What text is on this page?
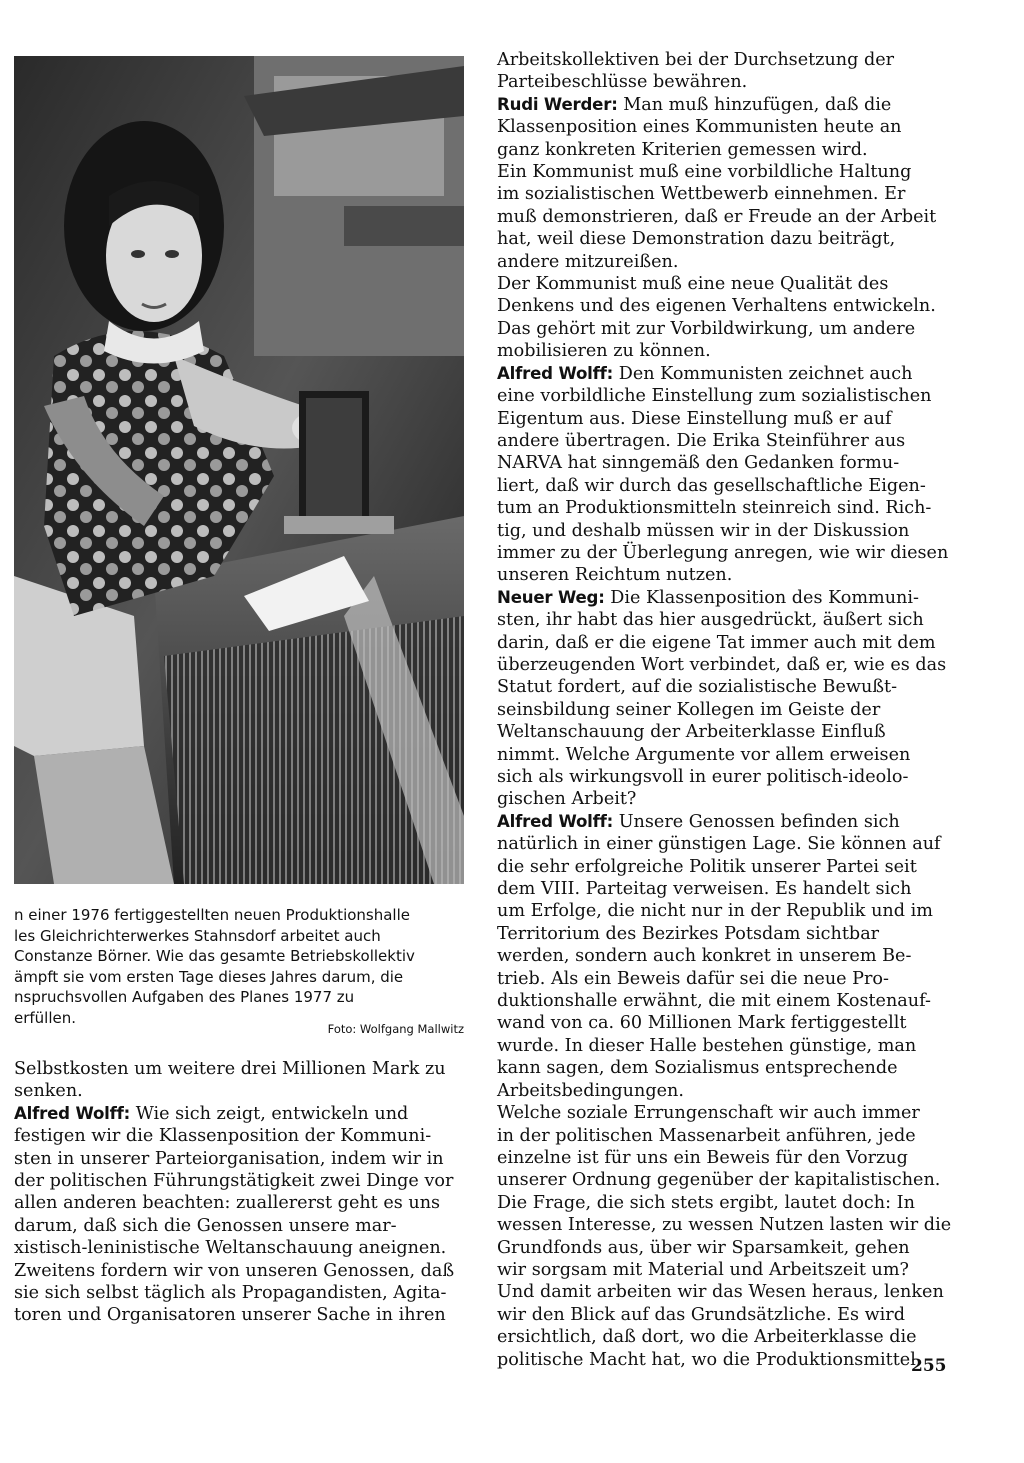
n einer 1976 fertiggestellten neuen Produktionshalle
les Gleichrichterwerkes Stahnsdorf arbeitet auch
Constanze Börner. Wie das gesamte Betriebskollektiv
ämpft sie vom ersten Tage dieses Jahres darum, die
nspruchsvollen Aufgaben des Planes 1977 zu
erfüllen.
Foto: Wolfgang Mallwitz

Selbstkosten um weitere drei Millionen Mark zu
senken.

Alfred Wolff: Wie sich zeigt, entwickeln und
festigen wir die Klassenposition der Kommuni-
sten in unserer Parteiorganisation, indem wir in
der politischen Führungstätigkeit zwei Dinge vor
allen anderen beachten: zuallererst geht es uns
darum, daß sich die Genossen unsere mar-
xistisch-leninistische Weltanschauung aneignen.
Zweitens fordern wir von unseren Genossen, daß
sie sich selbst täglich als Propagandisten, Agita-
toren und Organisatoren unserer Sache in ihren

Arbeitskollektiven bei der Durchsetzung der
Parteibeschlüsse bewähren.

Rudi Werder: Man muß hinzufügen, daß die
Klassenposition eines Kommunisten heute an
ganz konkreten Kriterien gemessen wird.

Ein Kommunist muß eine vorbildliche Haltung
im sozialistischen Wettbewerb einnehmen. Er
muß demonstrieren, daß er Freude an der Arbeit
hat, weil diese Demonstration dazu beiträgt,
andere mitzureißen.

Der Kommunist muß eine neue Qualität des
Denkens und des eigenen Verhaltens entwickeln.
Das gehört mit zur Vorbildwirkung, um andere
mobilisieren zu können.

Alfred Wolff: Den Kommunisten zeichnet auch
eine vorbildliche Einstellung zum sozialistischen
Eigentum aus. Diese Einstellung muß er auf
andere übertragen. Die Erika Steinführer aus
NARVA hat sinngemäß den Gedanken formu-
liert, daß wir durch das gesellschaftliche Eigen-
tum an Produktionsmitteln steinreich sind. Rich-
tig, und deshalb müssen wir in der Diskussion
immer zu der Überlegung anregen, wie wir diesen
unseren Reichtum nutzen.

Neuer Weg: Die Klassenposition des Kommuni-
sten, ihr habt das hier ausgedrückt, äußert sich
darin, daß er die eigene Tat immer auch mit dem
überzeugenden Wort verbindet, daß er, wie es das
Statut fordert, auf die sozialistische Bewußt-
seinsbildung seiner Kollegen im Geiste der
Weltanschauung der Arbeiterklasse Einfluß
nimmt. Welche Argumente vor allem erweisen
sich als wirkungsvoll in eurer politisch-ideolo-
gischen Arbeit?

Alfred Wolff: Unsere Genossen befinden sich
natürlich in einer günstigen Lage. Sie können auf
die sehr erfolgreiche Politik unserer Partei seit
dem VIII. Parteitag verweisen. Es handelt sich
um Erfolge, die nicht nur in der Republik und im
Territorium des Bezirkes Potsdam sichtbar
werden, sondern auch konkret in unserem Be-
trieb. Als ein Beweis dafür sei die neue Pro-
duktionshalle erwähnt, die mit einem Kostenauf-
wand von ca. 60 Millionen Mark fertiggestellt
wurde. In dieser Halle bestehen günstige, man
kann sagen, dem Sozialismus entsprechende
Arbeitsbedingungen.

Welche soziale Errungenschaft wir auch immer
in der politischen Massenarbeit anführen, jede
einzelne ist für uns ein Beweis für den Vorzug
unserer Ordnung gegenüber der kapitalistischen.
Die Frage, die sich stets ergibt, lautet doch: In
wessen Interesse, zu wessen Nutzen lasten wir die
Grundfonds aus, über wir Sparsamkeit, gehen
wir sorgsam mit Material und Arbeitszeit um?
Und damit arbeiten wir das Wesen heraus, lenken
wir den Blick auf das Grundsätzliche. Es wird
ersichtlich, daß dort, wo die Arbeiterklasse die
politische Macht hat, wo die Produktionsmittel

255
